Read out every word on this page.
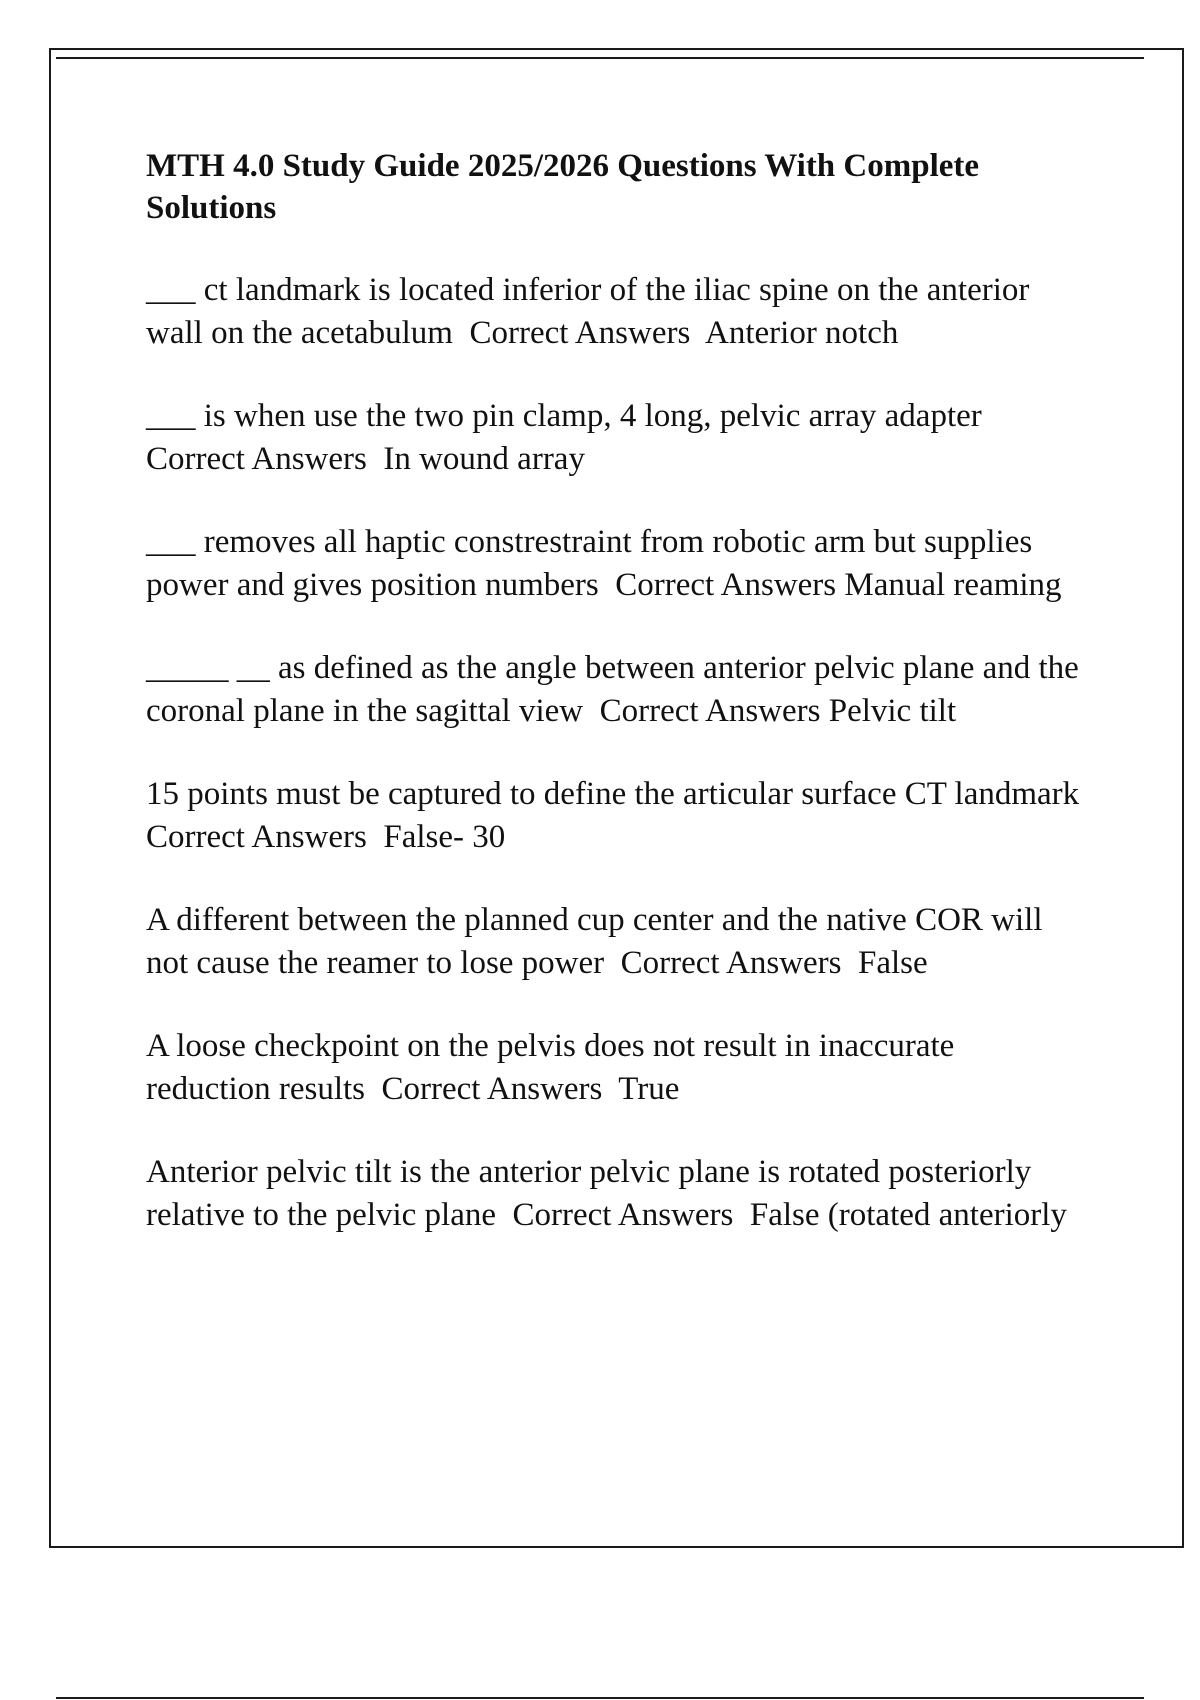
MTH 4.0 Study Guide 2025/2026 Questions With Complete Solutions
___ ct landmark is located inferior of the iliac spine on the anterior wall on the acetabulum  Correct Answers  Anterior notch
___ is when use the two pin clamp, 4 long, pelvic array adapter Correct Answers  In wound array
___ removes all haptic constrestraint from robotic arm but supplies power and gives position numbers  Correct Answers Manual reaming
_____ __ as defined as the angle between anterior pelvic plane and the coronal plane in the sagittal view  Correct Answers Pelvic tilt
15 points must be captured to define the articular surface CT landmark  Correct Answers  False- 30
A different between the planned cup center and the native COR will not cause the reamer to lose power  Correct Answers  False
A loose checkpoint on the pelvis does not result in inaccurate reduction results  Correct Answers  True
Anterior pelvic tilt is the anterior pelvic plane is rotated posteriorly relative to the pelvic plane  Correct Answers  False (rotated anteriorly
